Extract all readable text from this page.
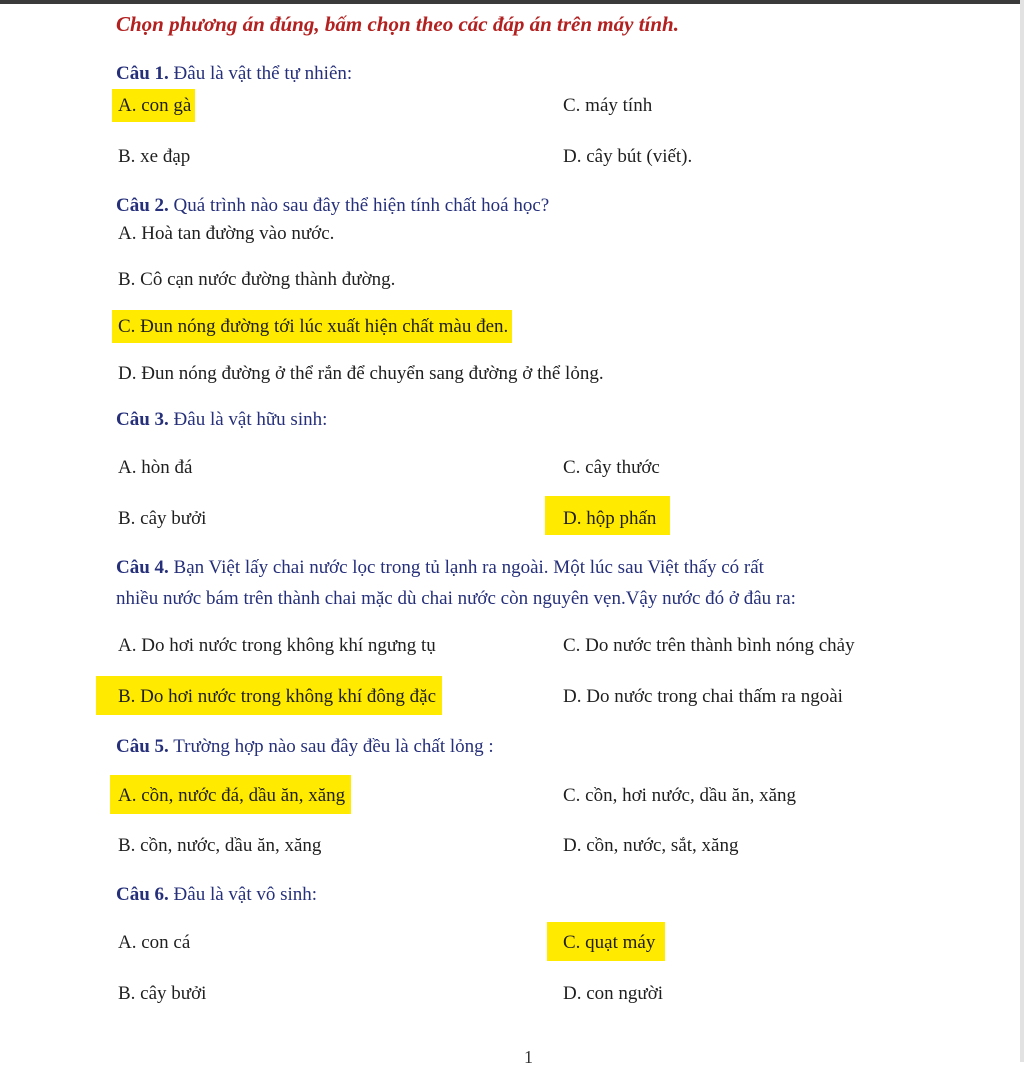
Chọn phương án đúng, bấm chọn theo các đáp án trên máy tính.
Câu 1. Đâu là vật thể tự nhiên:
A. con gà	C. máy tính
B. xe đạp	D. cây bút (viết).
Câu 2. Quá trình nào sau đây thể hiện tính chất hoá học?
A. Hoà tan đường vào nước.
B. Cô cạn nước đường thành đường.
C. Đun nóng đường tới lúc xuất hiện chất màu đen.
D. Đun nóng đường ở thể rắn để chuyển sang đường ở thể lỏng.
Câu 3. Đâu là vật hữu sinh:
A. hòn đá	C. cây thước
B. cây bưởi	D. hộp phấn
Câu 4. Bạn Việt lấy chai nước lọc trong tủ lạnh ra ngoài. Một lúc sau Việt thấy có rất
nhiều nước bám trên thành chai mặc dù chai nước còn nguyên vẹn.Vậy nước đó ở đâu ra:
A. Do hơi nước trong không khí ngưng tụ	C. Do nước trên thành bình nóng chảy
B. Do hơi nước trong không khí đông đặc	D. Do nước trong chai thấm ra ngoài
Câu 5. Trường hợp nào sau đây đều là chất lỏng :
A. cồn, nước đá, dầu ăn, xăng	C. cồn, hơi nước, dầu ăn, xăng
B. cồn, nước, dầu ăn, xăng	D. cồn, nước, sắt, xăng
Câu 6. Đâu là vật vô sinh:
A. con cá	C. quạt máy
B. cây bưởi	D. con người
1
